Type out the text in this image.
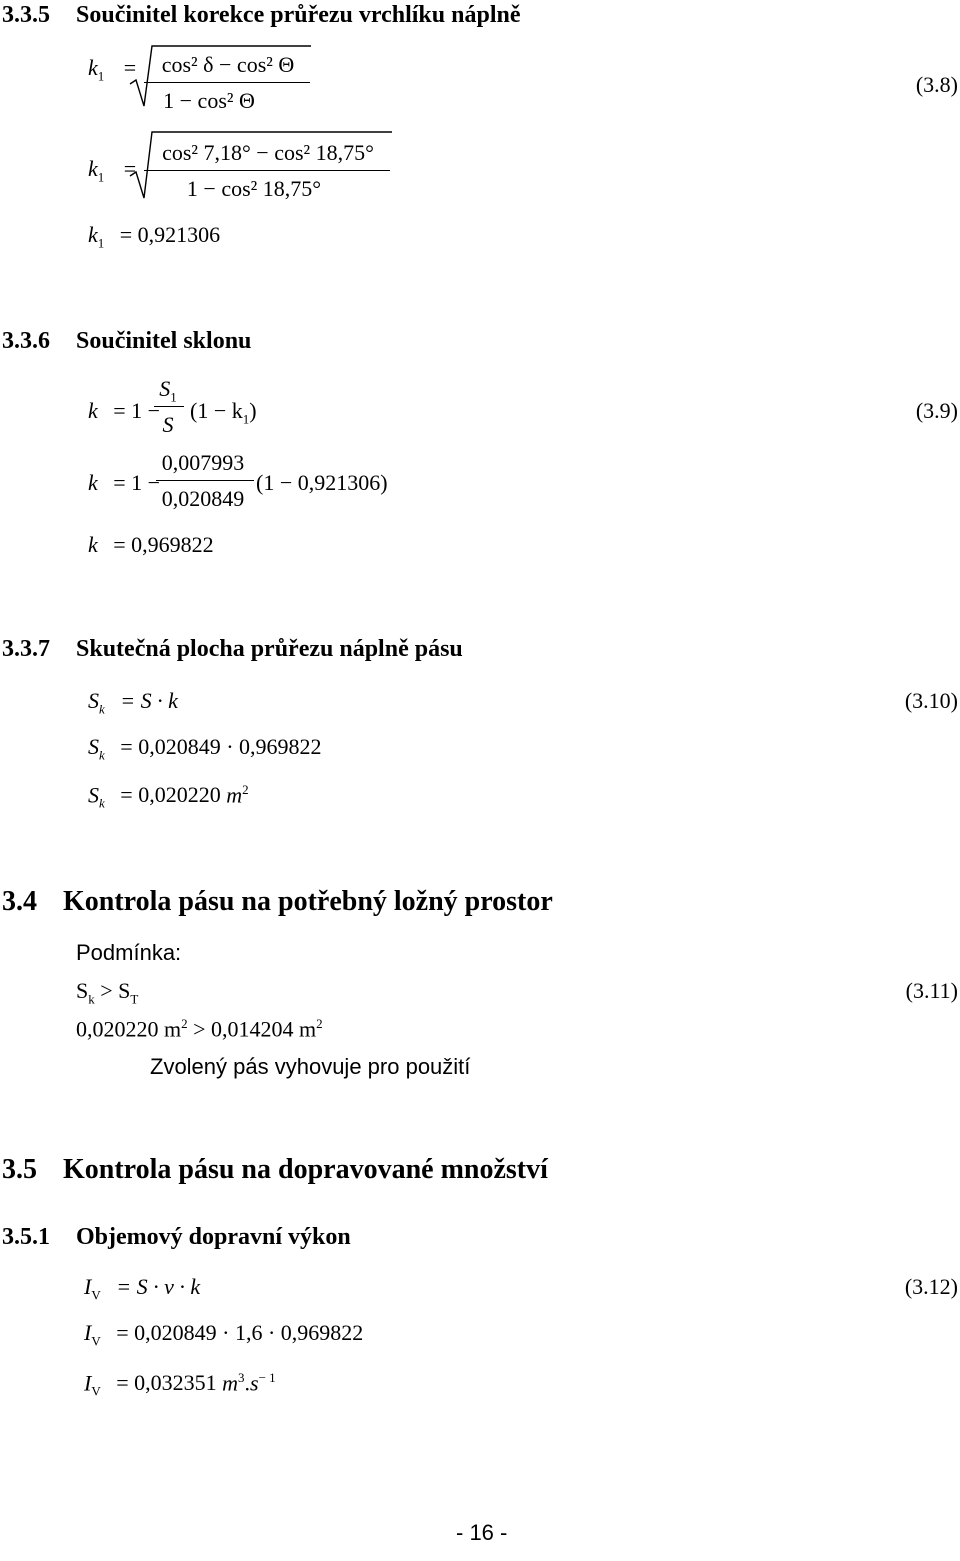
3.3.5 Součinitel korekce průřezu vrchlíku náplně
$k_1$ =	cos² δ − cos² Θ
1 − cos² Θ
(3.8)
$k_1$ =
cos² 7,18° − cos² 18,75°
1 − cos² 18,75°
$k_1 = 0,921306$
3.3.6 Součinitel sklonu
k = 1 −
$S_1$
S
$(1 - k_1)$	(3.9)
k = 1 −
0,007993
0,020849
(1 − 0,921306)
k = 0,969822
3.3.7 Skutečná plocha průřezu náplně pásu
$S_k = S \cdot k$	(3.10)
$S_k = 0,020849 \cdot 0,969822$
$S_k = 0,020220$ $m^2$
3.4 Kontrola pásu na potřebný ložný prostor
Podmínka:
$S_k > S_T$	(3.11)
0,020220 $m^2 > 0,014204$ $m^2$
Zvolený pás vyhovuje pro použití
3.5 Kontrola pásu na dopravované množství
3.5.1 Objemový dopravní výkon
$I_V = S \cdot v \cdot k$	(3.12)
$I_V = 0,020849 \cdot 1,6 \cdot 0,969822$
$I_V = 0,032351$ $m^3.s^{- 1}$
- 16 -
